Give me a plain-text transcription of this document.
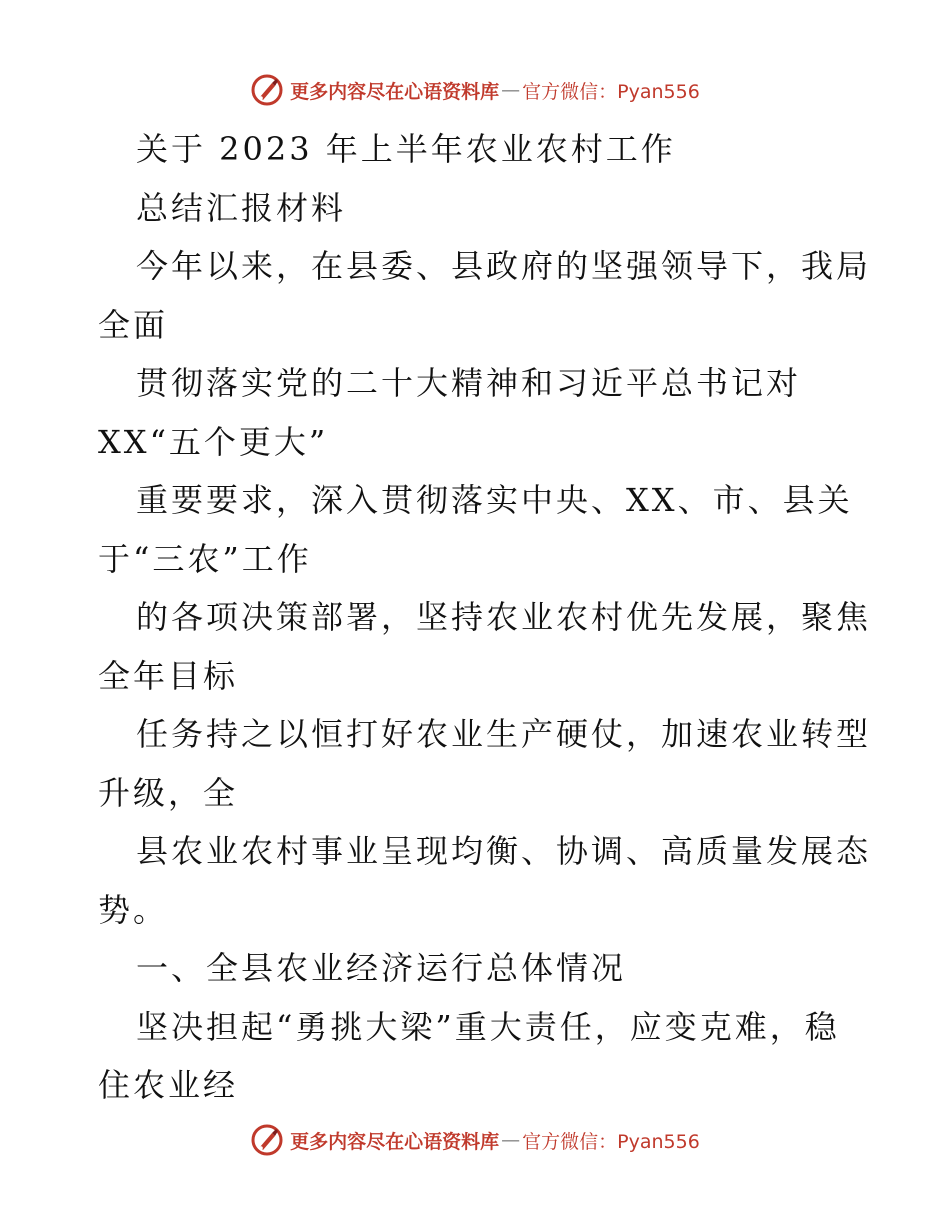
更多内容尽在心语资料库 — 官方微信：Pyan556
关于 2023 年上半年农业农村工作
总结汇报材料
今年以来，在县委、县政府的坚强领导下，我局
全面
贯彻落实党的二十大精神和习近平总书记对
XX“五个更大”
重要要求，深入贯彻落实中央、XX、市、县关
于“三农”工作
的各项决策部署，坚持农业农村优先发展，聚焦
全年目标
任务持之以恒打好农业生产硬仗，加速农业转型
升级，全
县农业农村事业呈现均衡、协调、高质量发展态
势。
一、全县农业经济运行总体情况
坚决担起“勇挑大梁”重大责任，应变克难，稳
住农业经
更多内容尽在心语资料库 — 官方微信：Pyan556
